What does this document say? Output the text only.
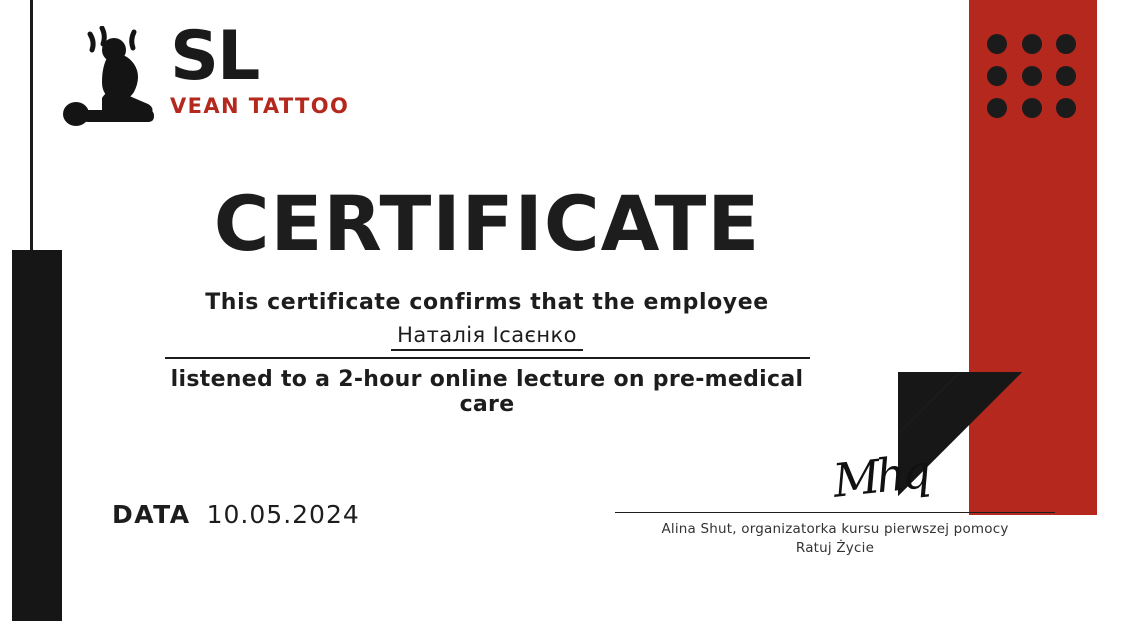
SL
VEAN TATTOO
CERTIFICATE
This certificate confirms that the employee
Наталія Ісаєнко
listened to a 2-hour online lecture on pre-medical care
DATA 10.05.2024
Mhq
Alina Shut, organizatorka kursu pierwszej pomocy
Ratuj Życie
